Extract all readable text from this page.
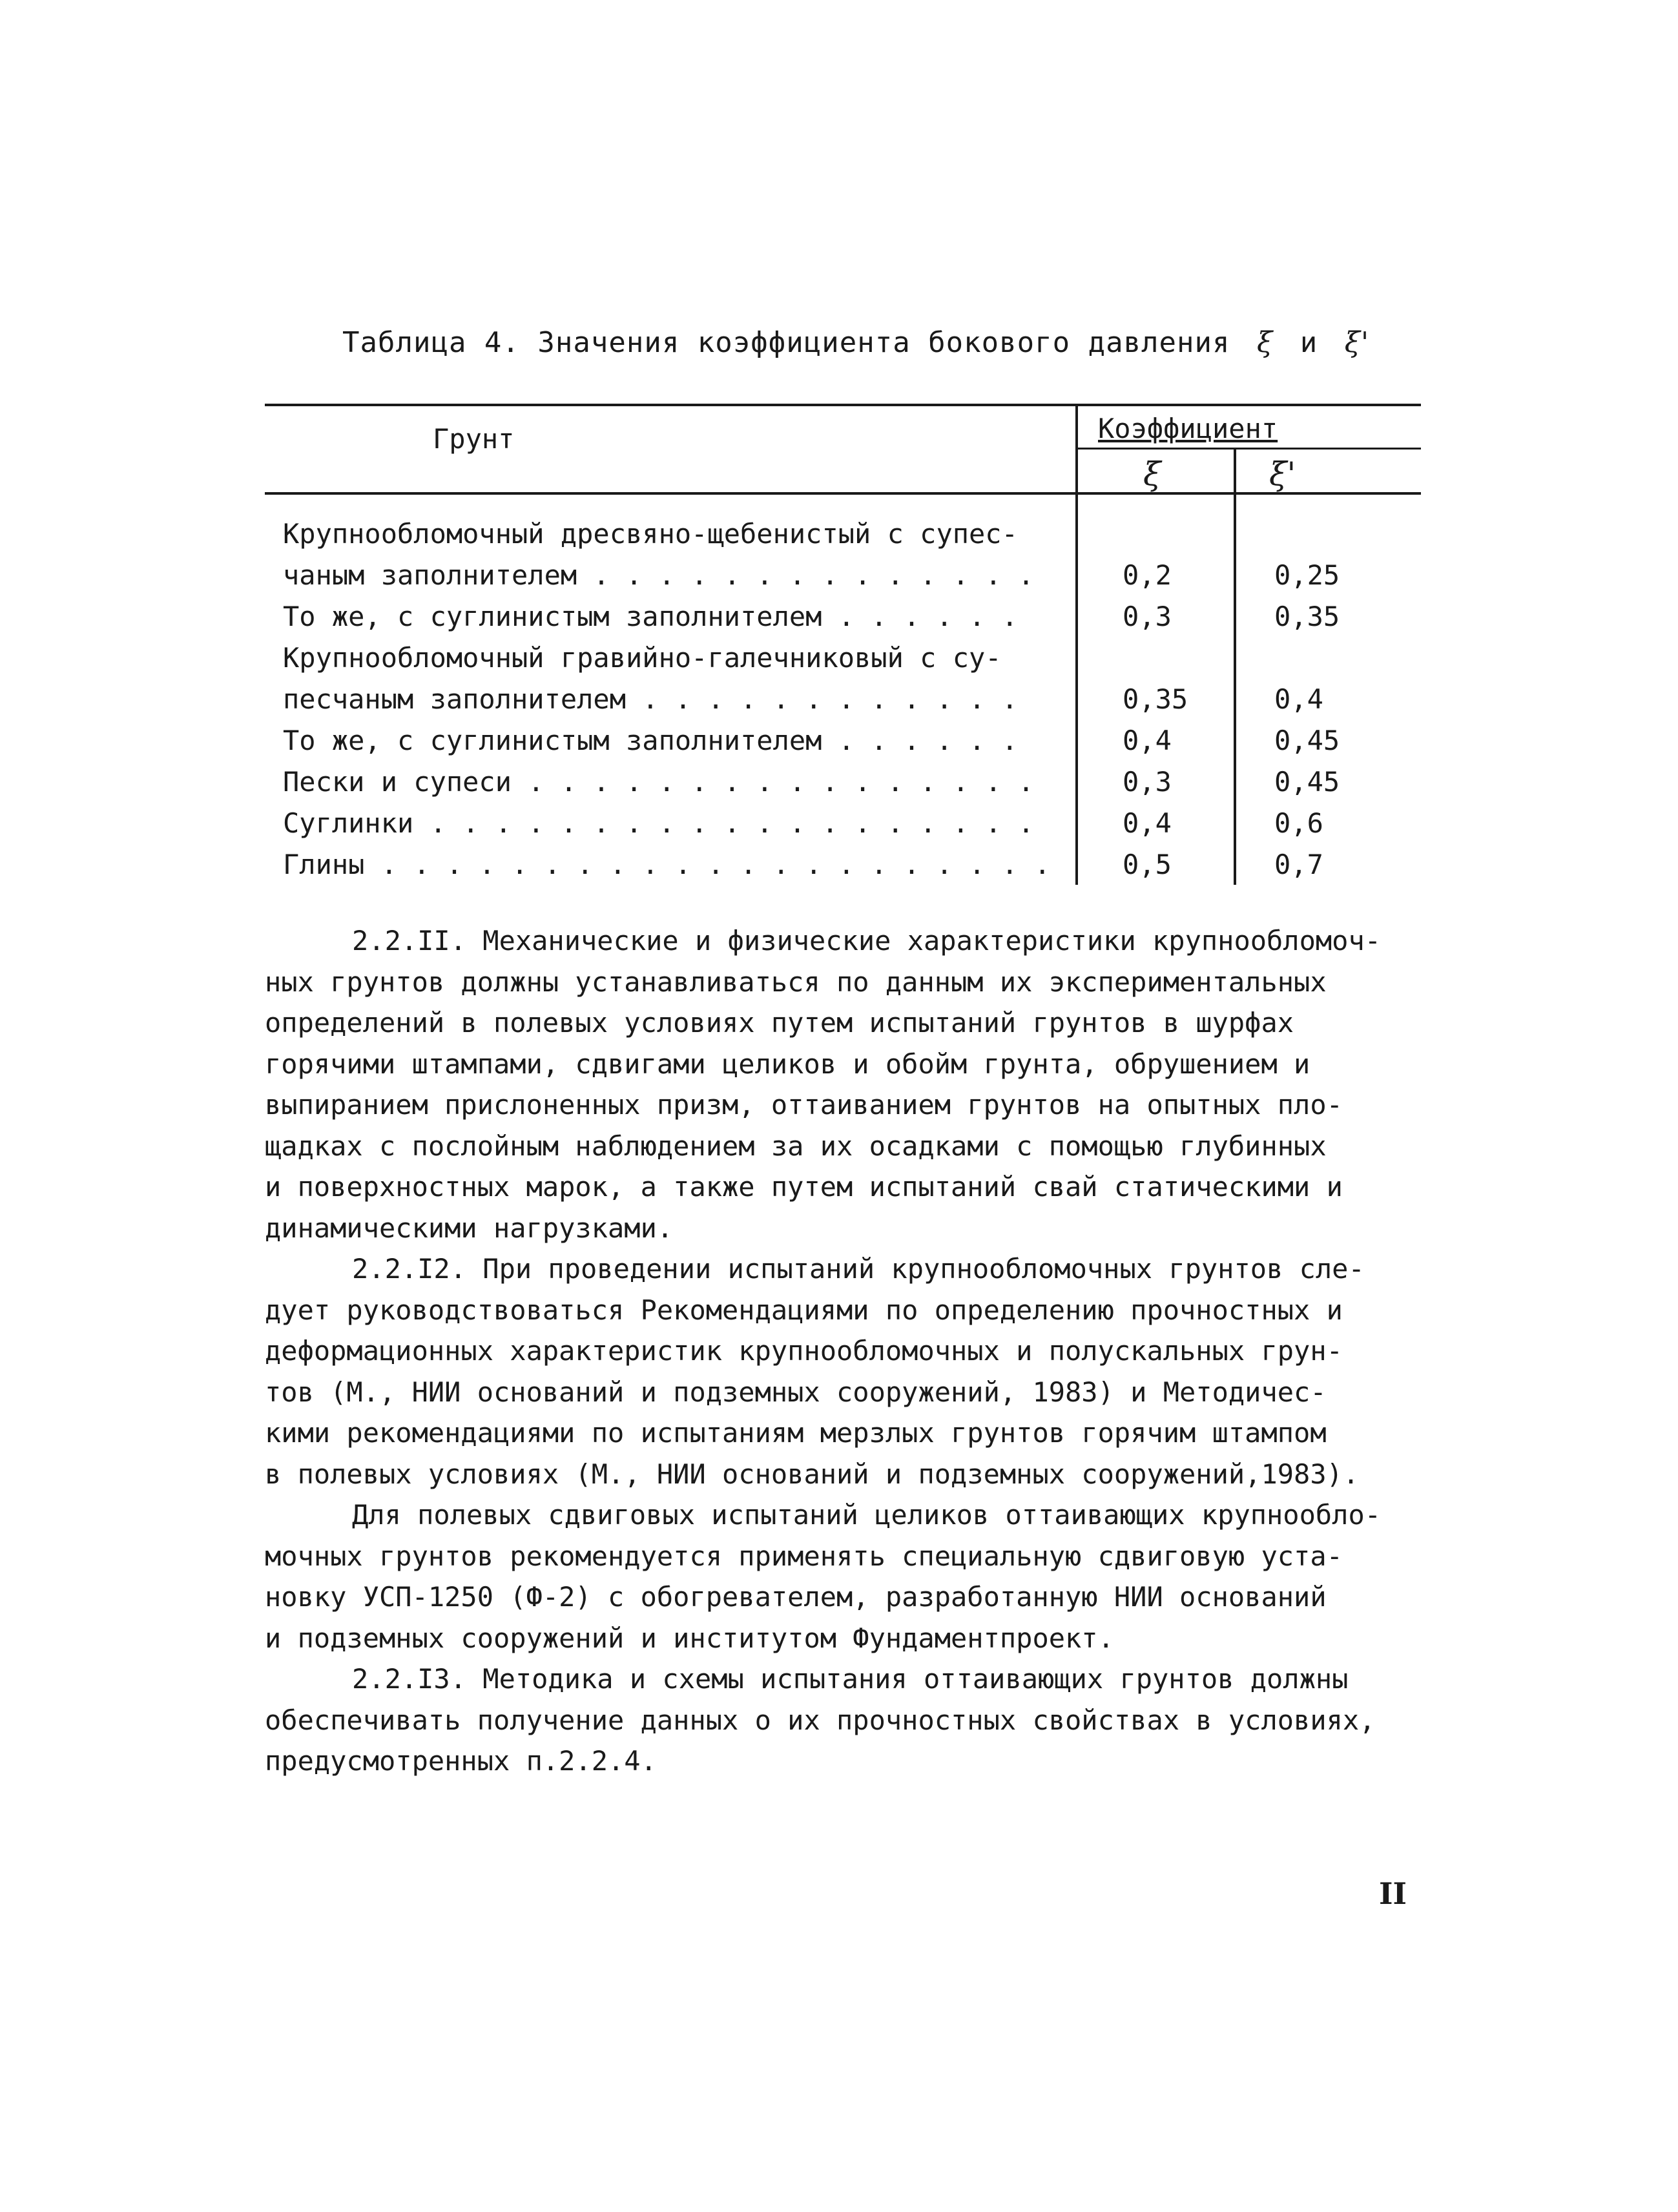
Таблица 4. Значения коэффициента бокового давления ξ и ξ'
Грунт	Коэффициент
ξ	ξ'
Крупнообломочный дресвяно-щебенистый с супес-
чаным заполнителем . . . . . . . . . . . . . .	0,2	0,25
То же, с суглинистым заполнителем . . . . . .	0,3	0,35
Крупнообломочный гравийно-галечниковый с су-
песчаным заполнителем . . . . . . . . . . . .	0,35	0,4
То же, с суглинистым заполнителем . . . . . .	0,4	0,45
Пески и супеси . . . . . . . . . . . . . . . .	0,3	0,45
Суглинки . . . . . . . . . . . . . . . . . . .	0,4	0,6
Глины . . . . . . . . . . . . . . . . . . . . .	0,5	0,7
2.2.II. Механические и физические характеристики крупнообломоч-
ных грунтов должны устанавливаться по данным их экспериментальных
определений в полевых условиях путем испытаний грунтов в шурфах
горячими штампами, сдвигами целиков и обойм грунта, обрушением и
выпиранием прислоненных призм, оттаиванием грунтов на опытных пло-
щадках с послойным наблюдением за их осадками с помощью глубинных
и поверхностных марок, а также путем испытаний свай статическими и
динамическими нагрузками.
2.2.I2. При проведении испытаний крупнообломочных грунтов сле-
дует руководствоваться Рекомендациями по определению прочностных и
деформационных характеристик крупнообломочных и полускальных грун-
тов (М., НИИ оснований и подземных сооружений, 1983) и Методичес-
кими рекомендациями по испытаниям мерзлых грунтов горячим штампом
в полевых условиях (М., НИИ оснований и подземных сооружений,1983).
Для полевых сдвиговых испытаний целиков оттаивающих крупнообло-
мочных грунтов рекомендуется применять специальную сдвиговую уста-
новку УСП-1250 (Ф-2) с обогревателем, разработанную НИИ оснований
и подземных сооружений и институтом Фундаментпроект.
2.2.I3. Методика и схемы испытания оттаивающих грунтов должны
обеспечивать получение данных о их прочностных свойствах в условиях,
предусмотренных п.2.2.4.
II
